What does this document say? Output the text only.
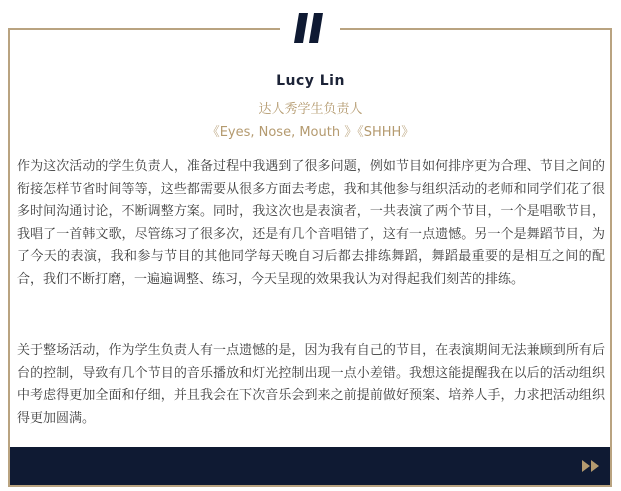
Lucy Lin
达人秀学生负责人
《Eyes, Nose, Mouth 》《SHHH》

作为这次活动的学生负责人，准备过程中我遇到了很多问题，例如节目如何排序更为合理、节目之间的衔接怎样节省时间等等，这些都需要从很多方面去考虑，我和其他参与组织活动的老师和同学们花了很多时间沟通讨论，不断调整方案。同时，我这次也是表演者，一共表演了两个节目，一个是唱歌节目，我唱了一首韩文歌，尽管练习了很多次，还是有几个音唱错了，这有一点遗憾。另一个是舞蹈节目，为了今天的表演，我和参与节目的其他同学每天晚自习后都去排练舞蹈，舞蹈最重要的是相互之间的配合，我们不断打磨，一遍遍调整、练习，今天呈现的效果我认为对得起我们刻苦的排练。

关于整场活动，作为学生负责人有一点遗憾的是，因为我有自己的节目，在表演期间无法兼顾到所有后台的控制，导致有几个节目的音乐播放和灯光控制出现一点小差错。我想这能提醒我在以后的活动组织中考虑得更加全面和仔细，并且我会在下次音乐会到来之前提前做好预案、培养人手，力求把活动组织得更加圆满。
